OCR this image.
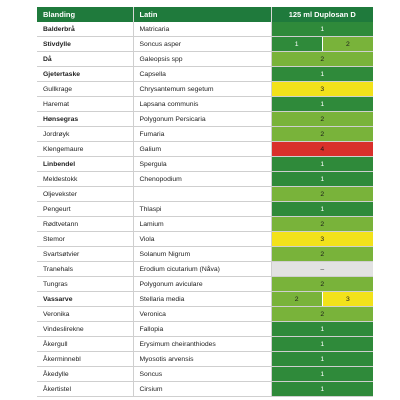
Blanding	Latin	125 ml Duplosan D
Balderbrå	Matricaria	1

Stivdylle	Soncus asper	1 2

Då	Galeopsis spp	2

Gjetertaske	Capsella	1

Gullkrage	Chrysantemum segetum	3

Haremat	Lapsana communis	1

Hønsegras	Polygonum Persicaria	2

Jordrøyk	Fumaria	2

Klengemaure	Galium	4

Linbendel	Spergula	1

Meldestokk	Chenopodium	1

Oljevekster		2

Pengeurt	Thlaspi	1

Rødtvetann	Lamium	2

Stemor	Viola	3

Svartsøtvier	Solanum Nigrum	2

Tranehals	Erodium cicutarium (Nåva)	–

Tungras	Polygonum aviculare	2

Vassarve	Stellaria media	2 3

Veronika	Veronica	2

Vindeslirekne	Fallopia	1

Åkergull	Erysimum cheiranthiodes	1

Åkerminnebl	Myosotis arvensis	1

Åkedylle	Soncus	1

Åkertistel	Cirsium	1
